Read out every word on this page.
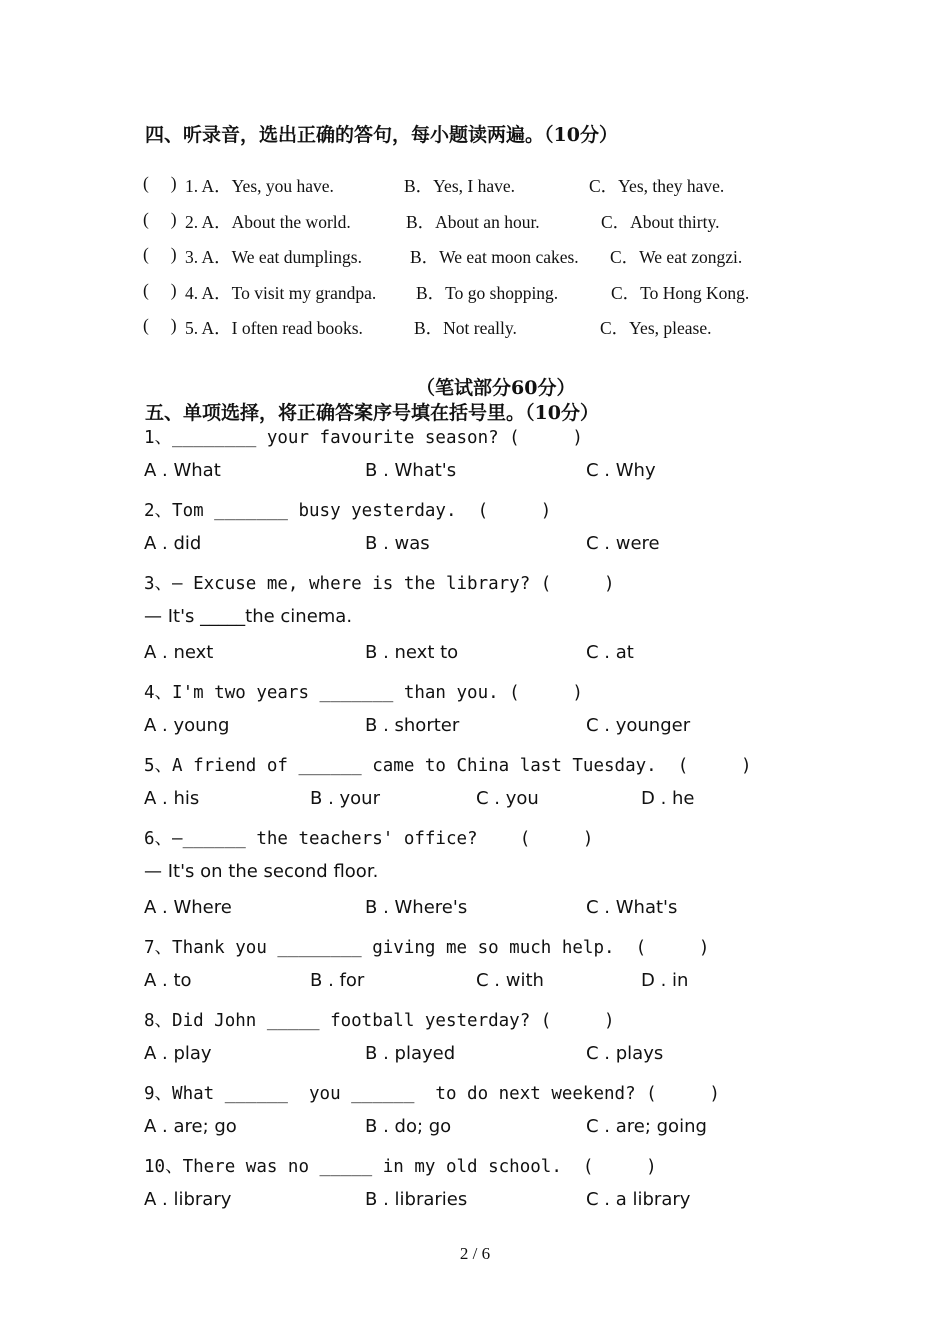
四、听录音，选出正确的答句，每小题读两遍。（10分）
(     ) 1. A．Yes, you have.	B．Yes, I have.	C．Yes, they have.
(     ) 2. A．About the world.	B．About an hour.	C．About thirty.
(     ) 3. A．We eat dumplings.	B．We eat moon cakes. C．We eat zongzi.
(     ) 4. A．To visit my grandpa. B．To go shopping.	C．To Hong Kong.
(     ) 5. A．I often read books.	B．Not really.	C．Yes, please.
（笔试部分60分）
五、单项选择，将正确答案序号填在括号里。（10分）
1、________ your favourite season? (     )
A . What	B . What's	C . Why
2、Tom _______ busy yesterday.  (     )
A . did	B . was	C . were
3、— Excuse me, where is the library? (     )
— It's _____the cinema.
A . next	B . next to	C . at
4、I'm two years _______ than you. (     )
A . young	B . shorter	C . younger
5、A friend of ______ came to China last Tuesday.  (     )
A . his	B . your	C . you	D . he
6、—______ the teachers' office?    (     )
— It's on the second floor.
A . Where	B . Where's	C . What's
7、Thank you ________ giving me so much help.  (     )
A . to	B . for	C . with	D . in
8、Did John _____ football yesterday? (     )
A . play	B . played	C . plays
9、What ______  you ______  to do next weekend? (     )
A . are; go	B . do; go	C . are; going
10、There was no _____ in my old school.  (     )
A . library	B . libraries	C . a library
2 / 6
